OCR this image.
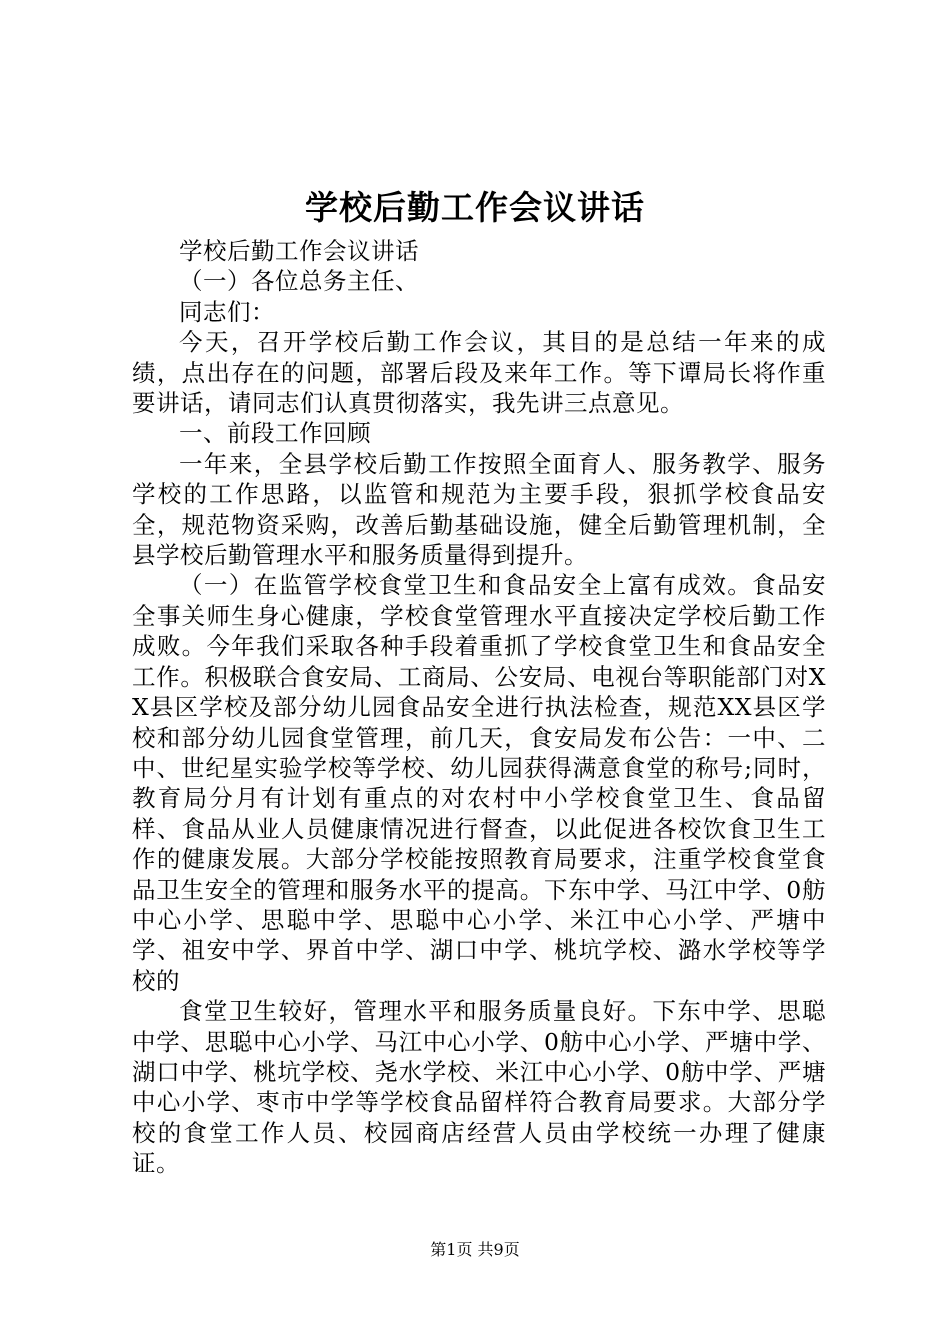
学校后勤工作会议讲话

学校后勤工作会议讲话

（一）各位总务主任、

同志们：

今天，召开学校后勤工作会议，其目的是总结一年来的成绩，点出存在的问题，部署后段及来年工作。等下谭局长将作重要讲话，请同志们认真贯彻落实，我先讲三点意见。

一、前段工作回顾

一年来，全县学校后勤工作按照全面育人、服务教学、服务学校的工作思路，以监管和规范为主要手段，狠抓学校食品安全，规范物资采购，改善后勤基础设施，健全后勤管理机制，全县学校后勤管理水平和服务质量得到提升。

（一）在监管学校食堂卫生和食品安全上富有成效。食品安全事关师生身心健康，学校食堂管理水平直接决定学校后勤工作成败。今年我们采取各种手段着重抓了学校食堂卫生和食品安全工作。积极联合食安局、工商局、公安局、电视台等职能部门对XX县区学校及部分幼儿园食品安全进行执法检查，规范XX县区学校和部分幼儿园食堂管理，前几天，食安局发布公告：一中、二中、世纪星实验学校等学校、幼儿园获得满意食堂的称号;同时，教育局分月有计划有重点的对农村中小学校食堂卫生、食品留样、食品从业人员健康情况进行督查，以此促进各校饮食卫生工作的健康发展。大部分学校能按照教育局要求，注重学校食堂食品卫生安全的管理和服务水平的提高。下东中学、马江中学、0舫中心小学、思聪中学、思聪中心小学、米江中心小学、严塘中学、祖安中学、界首中学、湖口中学、桃坑学校、潞水学校等学校的

食堂卫生较好，管理水平和服务质量良好。下东中学、思聪中学、思聪中心小学、马江中心小学、0舫中心小学、严塘中学、湖口中学、桃坑学校、尧水学校、米江中心小学、0舫中学、严塘中心小学、枣市中学等学校食品留样符合教育局要求。大部分学校的食堂工作人员、校园商店经营人员由学校统一办理了健康证。

第1页 共9页
